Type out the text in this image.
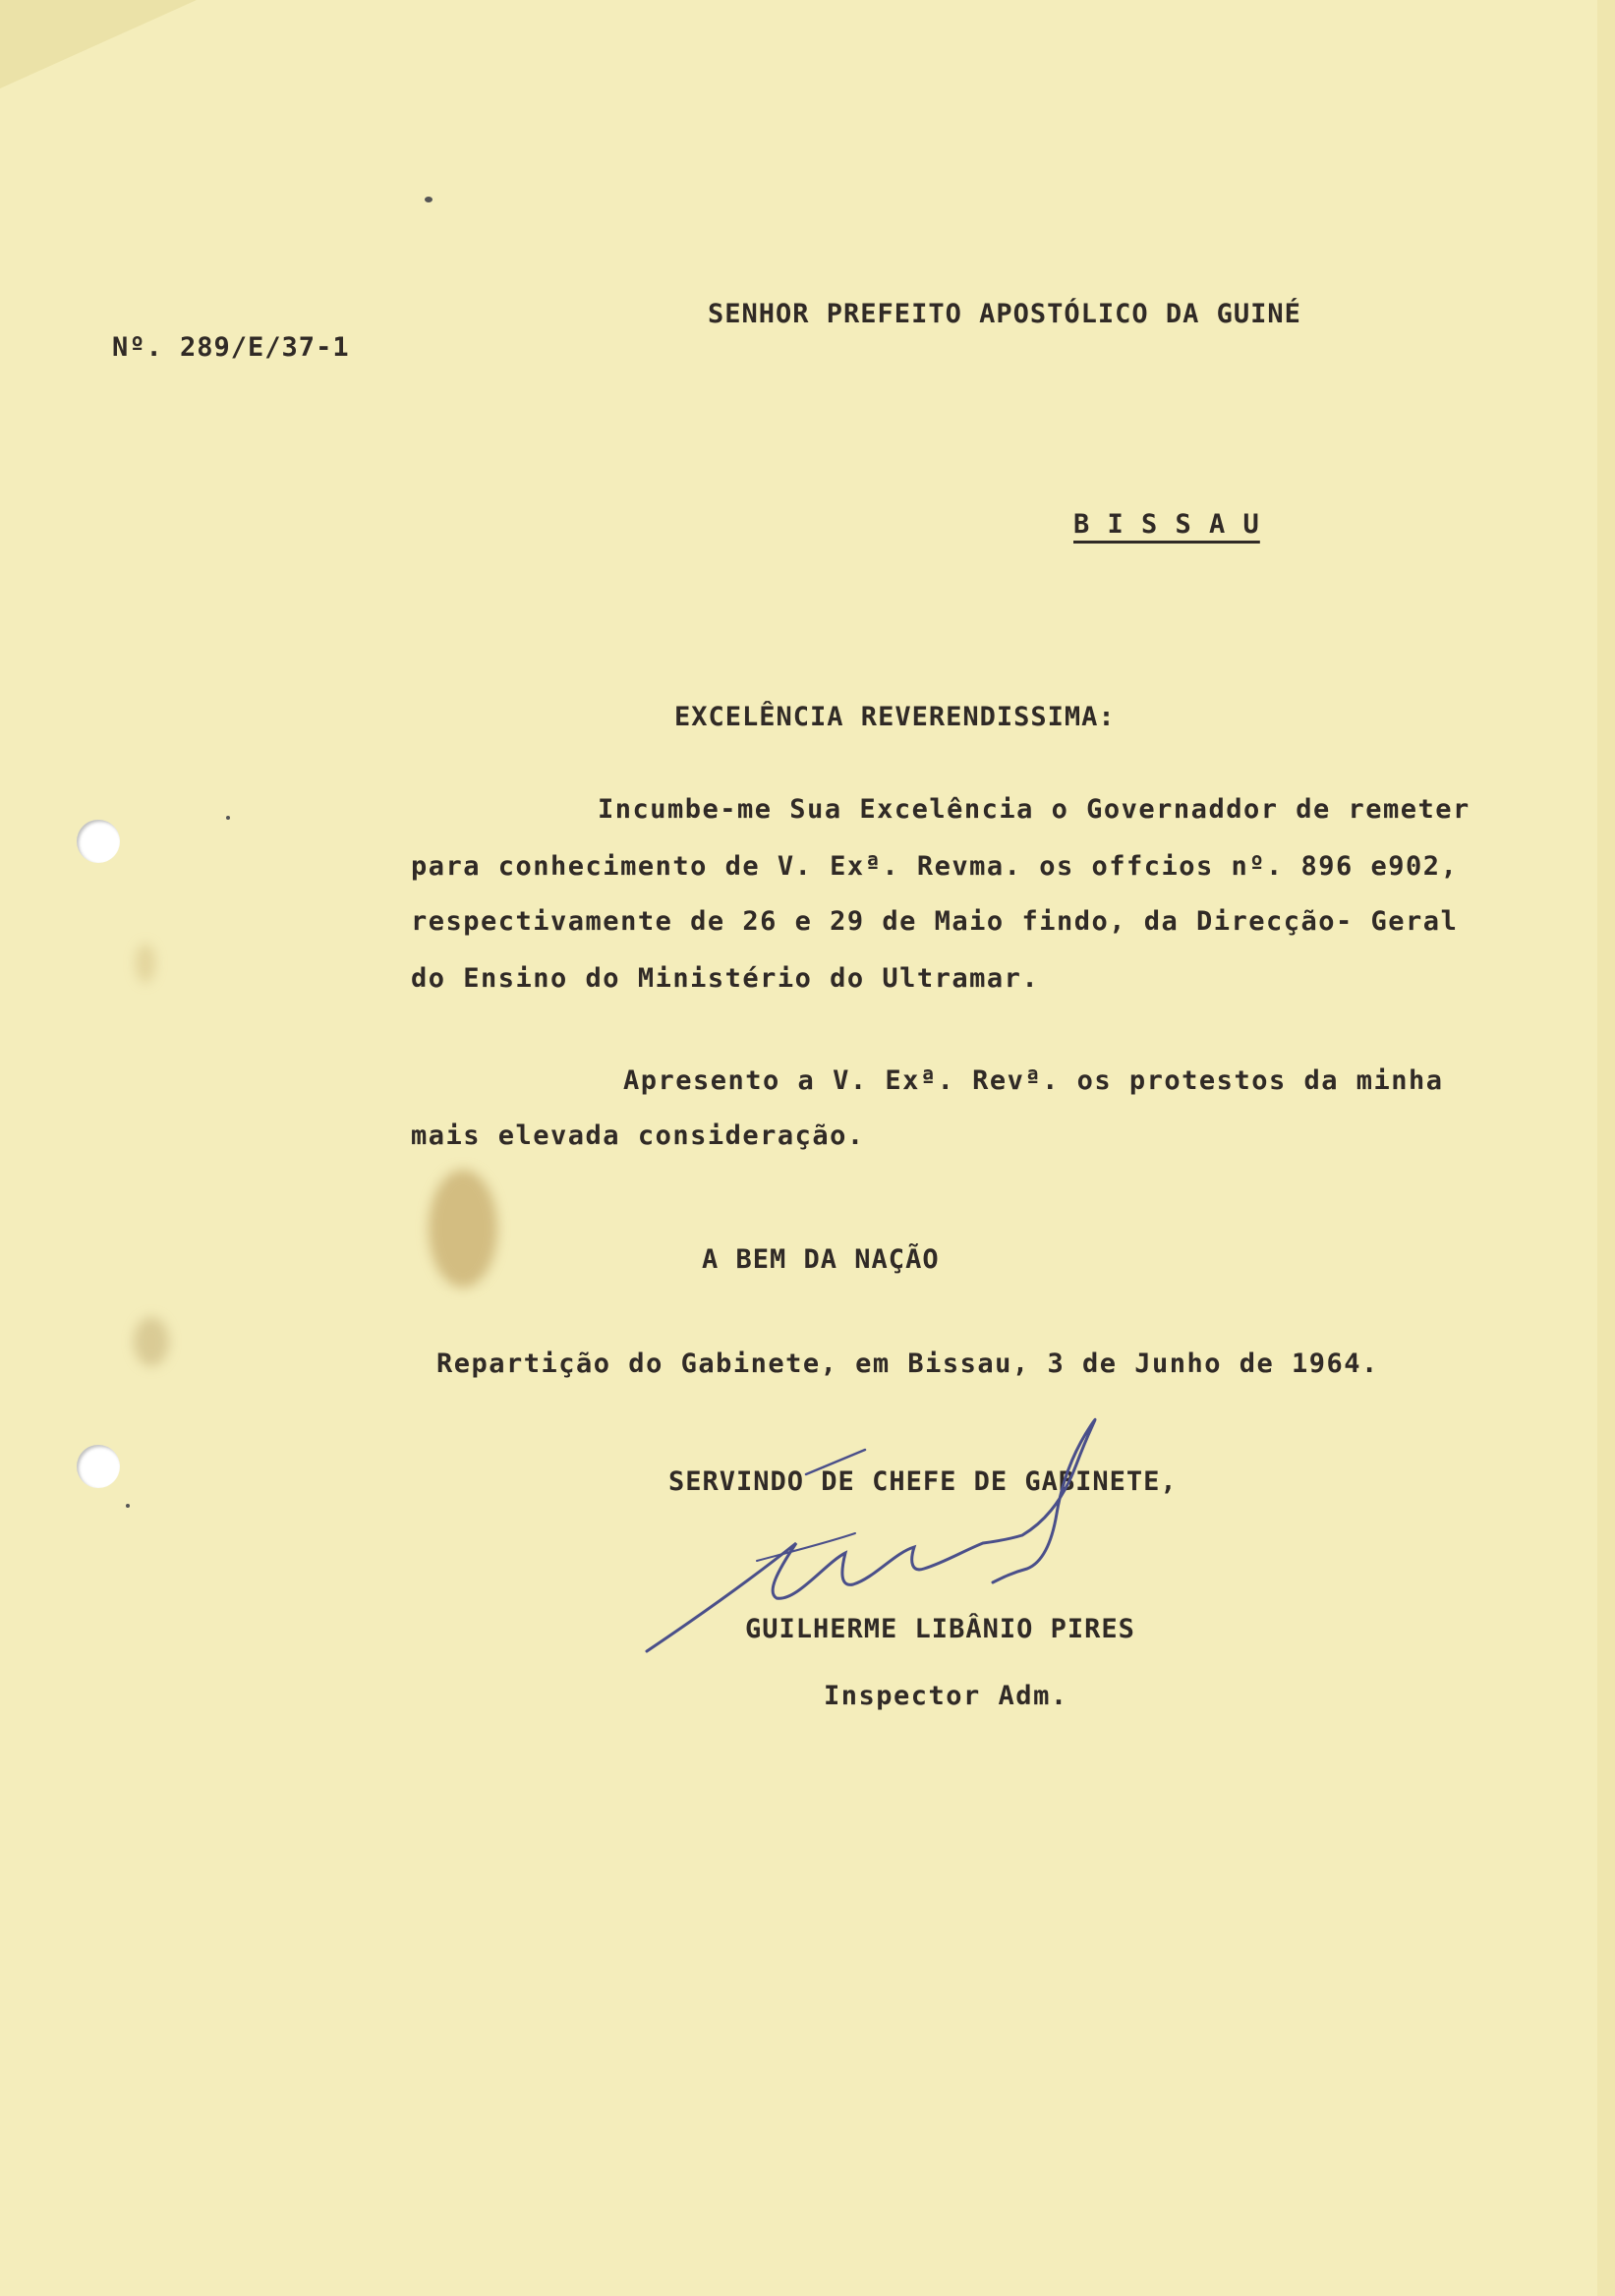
Nº. 289/E/37-1
SENHOR PREFEITO APOSTÓLICO DA GUINÉ
B I S S A U
EXCELÊNCIA REVERENDISSIMA:
Incumbe-me Sua Excelência o Governaddor de remeter
para conhecimento de V. Exª. Revma. os offcios nº. 896 e902,
respectivamente de 26 e 29 de Maio findo, da Direcção- Geral
do Ensino do Ministério do Ultramar.
Apresento a V. Exª. Revª. os protestos da minha
mais elevada consideração.
A BEM DA NAÇÃO
Repartição do Gabinete, em Bissau, 3 de Junho de 1964.
SERVINDO DE CHEFE DE GABINETE,
GUILHERME LIBÂNIO PIRES
Inspector Adm.
